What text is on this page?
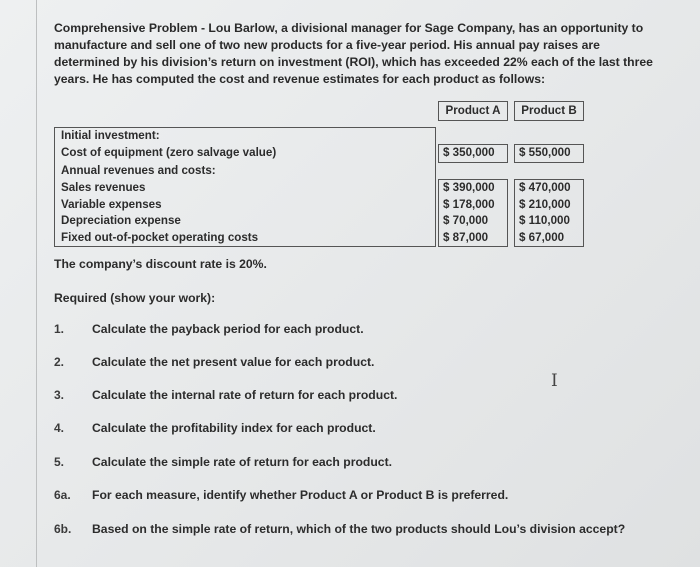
Comprehensive Problem - Lou Barlow, a divisional manager for Sage Company, has an opportunity to manufacture and sell one of two new products for a five-year period. His annual pay raises are determined by his division’s return on investment (ROI), which has exceeded 22% each of the last three years. He has computed the cost and revenue estimates for each product as follows:

		Product A		Product B

Initial investment:				
Cost of equipment (zero salvage value)		$ 350,000		$ 550,000
Annual revenues and costs:				
Sales revenues		$ 390,000		$ 470,000
Variable expenses		$ 178,000		$ 210,000
Depreciation expense		$ 70,000		$ 110,000
Fixed out-of-pocket operating costs		$ 87,000		$ 67,000
The company’s discount rate is 20%.
Required (show your work):
1. Calculate the payback period for each product.
2. Calculate the net present value for each product.
3. Calculate the internal rate of return for each product.
4. Calculate the profitability index for each product.
5. Calculate the simple rate of return for each product.
6a. For each measure, identify whether Product A or Product B is preferred.
6b. Based on the simple rate of return, which of the two products should Lou’s division accept?
Ι
